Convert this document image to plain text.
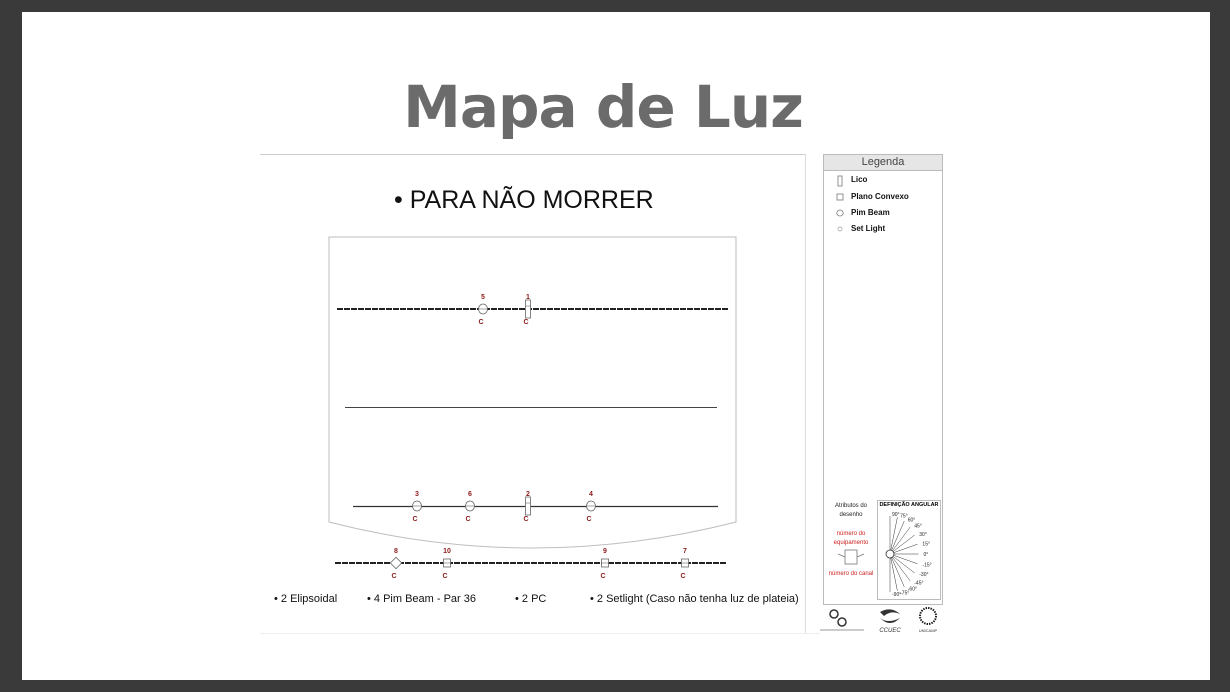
Mapa de Luz
5
C
1
C
3
C
6
C
2
C
4
C
8
C
10
C
9
C
7
C
• PARA NÃO MORRER
• 2 Elipsoidal	• 4 Pim Beam - Par 36	• 2 PC	• 2 Setlight (Caso não tenha luz de plateia)
Legenda
Lico
Plano Convexo
Pim Beam
Set Light
Atributos do desenho
número do equipamento
número do canal
DEFINIÇÃO ANGULAR
90° 75°
60°
45°
30°
15°
0°
-15°
-30°
-45°
-60°
-75°
-90°
CCUEC	UNICAMP
